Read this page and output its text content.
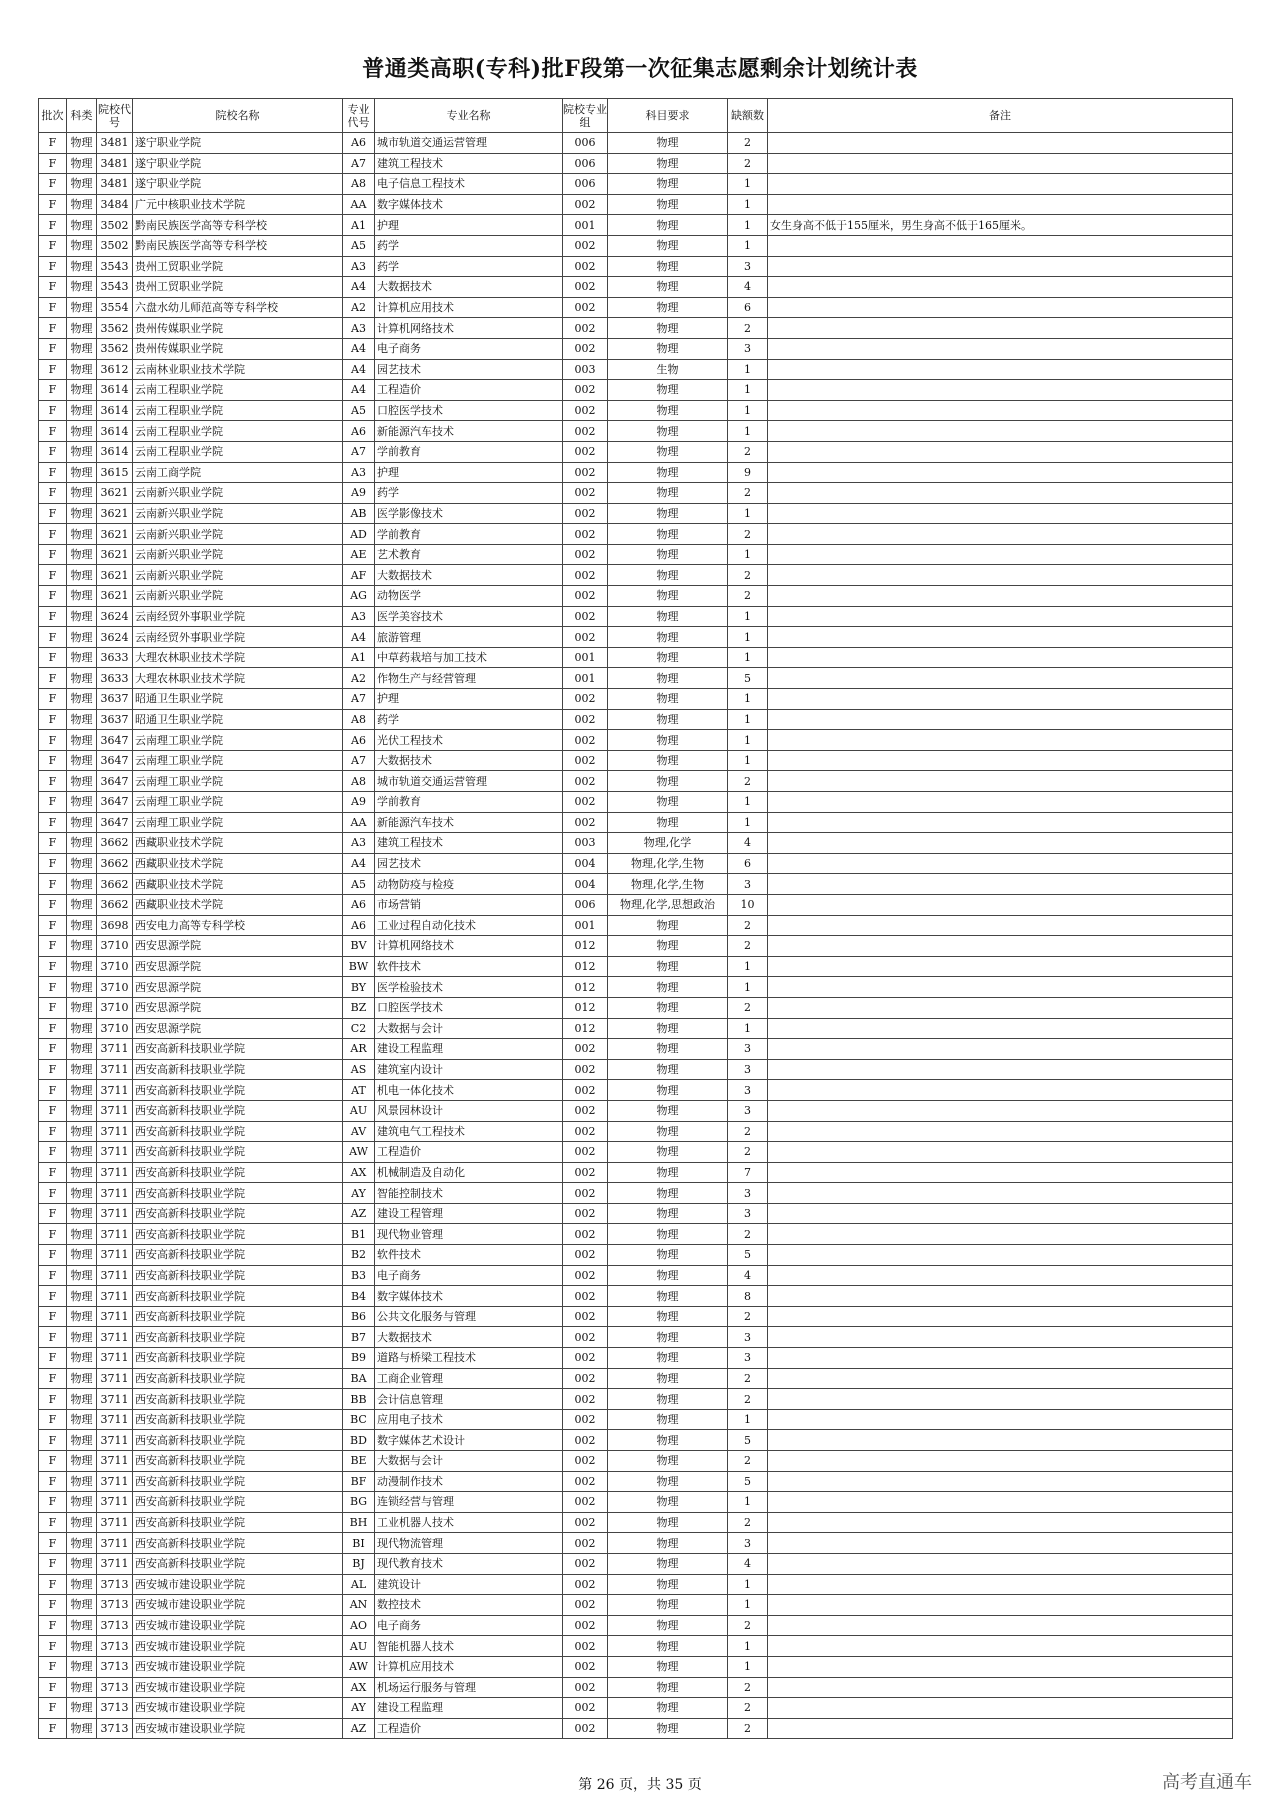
普通类高职(专科)批F段第一次征集志愿剩余计划统计表
批次	科类	院校代号	院校名称	专业代号	专业名称	院校专业组	科目要求	缺额数	备注
F	物理	3481	遂宁职业学院	A6	城市轨道交通运营管理	006	物理	2	
F	物理	3481	遂宁职业学院	A7	建筑工程技术	006	物理	2	
F	物理	3481	遂宁职业学院	A8	电子信息工程技术	006	物理	1	
F	物理	3484	广元中核职业技术学院	AA	数字媒体技术	002	物理	1	
F	物理	3502	黔南民族医学高等专科学校	A1	护理	001	物理	1	女生身高不低于155厘米，男生身高不低于165厘米。
F	物理	3502	黔南民族医学高等专科学校	A5	药学	002	物理	1	
F	物理	3543	贵州工贸职业学院	A3	药学	002	物理	3	
F	物理	3543	贵州工贸职业学院	A4	大数据技术	002	物理	4	
F	物理	3554	六盘水幼儿师范高等专科学校	A2	计算机应用技术	002	物理	6	
F	物理	3562	贵州传媒职业学院	A3	计算机网络技术	002	物理	2	
F	物理	3562	贵州传媒职业学院	A4	电子商务	002	物理	3	
F	物理	3612	云南林业职业技术学院	A4	园艺技术	003	生物	1	
F	物理	3614	云南工程职业学院	A4	工程造价	002	物理	1	
F	物理	3614	云南工程职业学院	A5	口腔医学技术	002	物理	1	
F	物理	3614	云南工程职业学院	A6	新能源汽车技术	002	物理	1	
F	物理	3614	云南工程职业学院	A7	学前教育	002	物理	2	
F	物理	3615	云南工商学院	A3	护理	002	物理	9	
F	物理	3621	云南新兴职业学院	A9	药学	002	物理	2	
F	物理	3621	云南新兴职业学院	AB	医学影像技术	002	物理	1	
F	物理	3621	云南新兴职业学院	AD	学前教育	002	物理	2	
F	物理	3621	云南新兴职业学院	AE	艺术教育	002	物理	1	
F	物理	3621	云南新兴职业学院	AF	大数据技术	002	物理	2	
F	物理	3621	云南新兴职业学院	AG	动物医学	002	物理	2	
F	物理	3624	云南经贸外事职业学院	A3	医学美容技术	002	物理	1	
F	物理	3624	云南经贸外事职业学院	A4	旅游管理	002	物理	1	
F	物理	3633	大理农林职业技术学院	A1	中草药栽培与加工技术	001	物理	1	
F	物理	3633	大理农林职业技术学院	A2	作物生产与经营管理	001	物理	5	
F	物理	3637	昭通卫生职业学院	A7	护理	002	物理	1	
F	物理	3637	昭通卫生职业学院	A8	药学	002	物理	1	
F	物理	3647	云南理工职业学院	A6	光伏工程技术	002	物理	1	
F	物理	3647	云南理工职业学院	A7	大数据技术	002	物理	1	
F	物理	3647	云南理工职业学院	A8	城市轨道交通运营管理	002	物理	2	
F	物理	3647	云南理工职业学院	A9	学前教育	002	物理	1	
F	物理	3647	云南理工职业学院	AA	新能源汽车技术	002	物理	1	
F	物理	3662	西藏职业技术学院	A3	建筑工程技术	003	物理,化学	4	
F	物理	3662	西藏职业技术学院	A4	园艺技术	004	物理,化学,生物	6	
F	物理	3662	西藏职业技术学院	A5	动物防疫与检疫	004	物理,化学,生物	3	
F	物理	3662	西藏职业技术学院	A6	市场营销	006	物理,化学,思想政治	10	
F	物理	3698	西安电力高等专科学校	A6	工业过程自动化技术	001	物理	2	
F	物理	3710	西安思源学院	BV	计算机网络技术	012	物理	2	
F	物理	3710	西安思源学院	BW	软件技术	012	物理	1	
F	物理	3710	西安思源学院	BY	医学检验技术	012	物理	1	
F	物理	3710	西安思源学院	BZ	口腔医学技术	012	物理	2	
F	物理	3710	西安思源学院	C2	大数据与会计	012	物理	1	
F	物理	3711	西安高新科技职业学院	AR	建设工程监理	002	物理	3	
F	物理	3711	西安高新科技职业学院	AS	建筑室内设计	002	物理	3	
F	物理	3711	西安高新科技职业学院	AT	机电一体化技术	002	物理	3	
F	物理	3711	西安高新科技职业学院	AU	风景园林设计	002	物理	3	
F	物理	3711	西安高新科技职业学院	AV	建筑电气工程技术	002	物理	2	
F	物理	3711	西安高新科技职业学院	AW	工程造价	002	物理	2	
F	物理	3711	西安高新科技职业学院	AX	机械制造及自动化	002	物理	7	
F	物理	3711	西安高新科技职业学院	AY	智能控制技术	002	物理	3	
F	物理	3711	西安高新科技职业学院	AZ	建设工程管理	002	物理	3	
F	物理	3711	西安高新科技职业学院	B1	现代物业管理	002	物理	2	
F	物理	3711	西安高新科技职业学院	B2	软件技术	002	物理	5	
F	物理	3711	西安高新科技职业学院	B3	电子商务	002	物理	4	
F	物理	3711	西安高新科技职业学院	B4	数字媒体技术	002	物理	8	
F	物理	3711	西安高新科技职业学院	B6	公共文化服务与管理	002	物理	2	
F	物理	3711	西安高新科技职业学院	B7	大数据技术	002	物理	3	
F	物理	3711	西安高新科技职业学院	B9	道路与桥梁工程技术	002	物理	3	
F	物理	3711	西安高新科技职业学院	BA	工商企业管理	002	物理	2	
F	物理	3711	西安高新科技职业学院	BB	会计信息管理	002	物理	2	
F	物理	3711	西安高新科技职业学院	BC	应用电子技术	002	物理	1	
F	物理	3711	西安高新科技职业学院	BD	数字媒体艺术设计	002	物理	5	
F	物理	3711	西安高新科技职业学院	BE	大数据与会计	002	物理	2	
F	物理	3711	西安高新科技职业学院	BF	动漫制作技术	002	物理	5	
F	物理	3711	西安高新科技职业学院	BG	连锁经营与管理	002	物理	1	
F	物理	3711	西安高新科技职业学院	BH	工业机器人技术	002	物理	2	
F	物理	3711	西安高新科技职业学院	BI	现代物流管理	002	物理	3	
F	物理	3711	西安高新科技职业学院	BJ	现代教育技术	002	物理	4	
F	物理	3713	西安城市建设职业学院	AL	建筑设计	002	物理	1	
F	物理	3713	西安城市建设职业学院	AN	数控技术	002	物理	1	
F	物理	3713	西安城市建设职业学院	AO	电子商务	002	物理	2	
F	物理	3713	西安城市建设职业学院	AU	智能机器人技术	002	物理	1	
F	物理	3713	西安城市建设职业学院	AW	计算机应用技术	002	物理	1	
F	物理	3713	西安城市建设职业学院	AX	机场运行服务与管理	002	物理	2	
F	物理	3713	西安城市建设职业学院	AY	建设工程监理	002	物理	2	
F	物理	3713	西安城市建设职业学院	AZ	工程造价	002	物理	2	
第 26 页，共 35 页	高考直通车
